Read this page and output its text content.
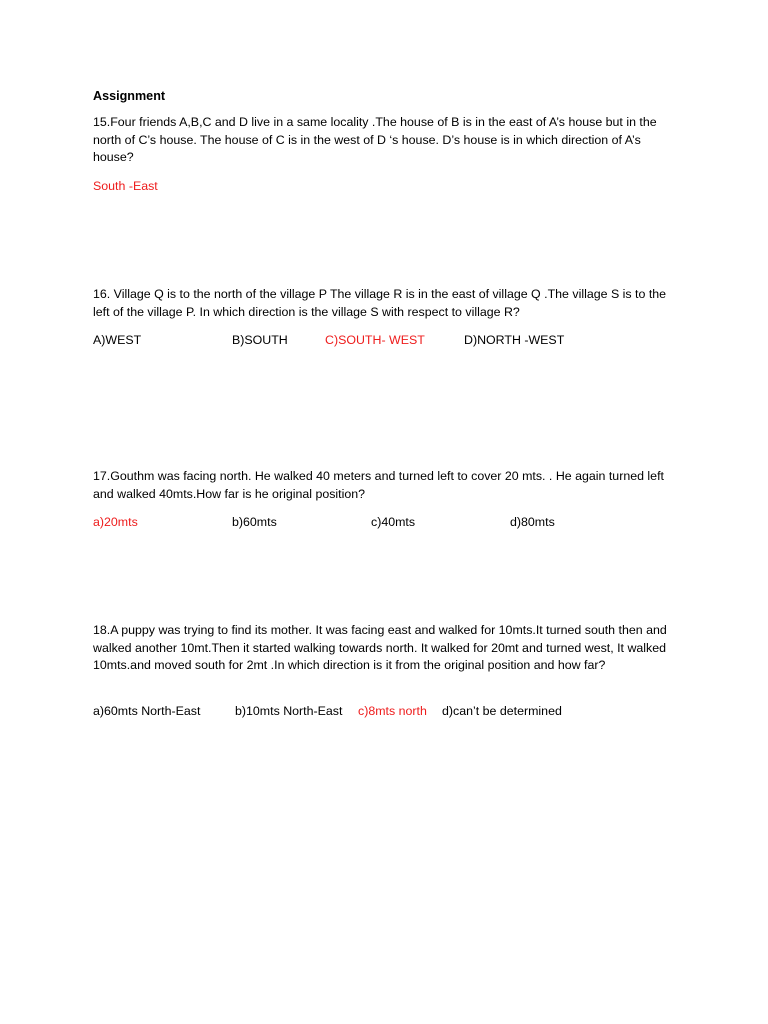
Assignment

15.Four friends A,B,C and D live in a same locality .The house of B is in the east of A’s house but in the north of C’s house. The house of C is in the west of D ‘s house. D’s house is in which direction of A’s house?

South -East

16. Village Q is to the north of the village P The village R is in the east of village Q .The village S is to the left of the village P. In which direction is the village S with respect to village R?

A)WEST	B)SOUTH	C)SOUTH- WEST	D)NORTH -WEST

17.Gouthm was facing north. He walked 40 meters and turned left to cover 20 mts. . He again turned left and walked 40mts.How far is he original position?

a)20mts	b)60mts	c)40mts	d)80mts

18.A puppy was trying to find its mother. It was facing east and walked for 10mts.It turned south then and walked another 10mt.Then it started walking towards north. It walked for 20mt and turned west, It walked 10mts.and moved south for 2mt .In which direction is it from the original position and how far?

a)60mts North-East	b)10mts North-East c)8mts north d)can’t be determined
